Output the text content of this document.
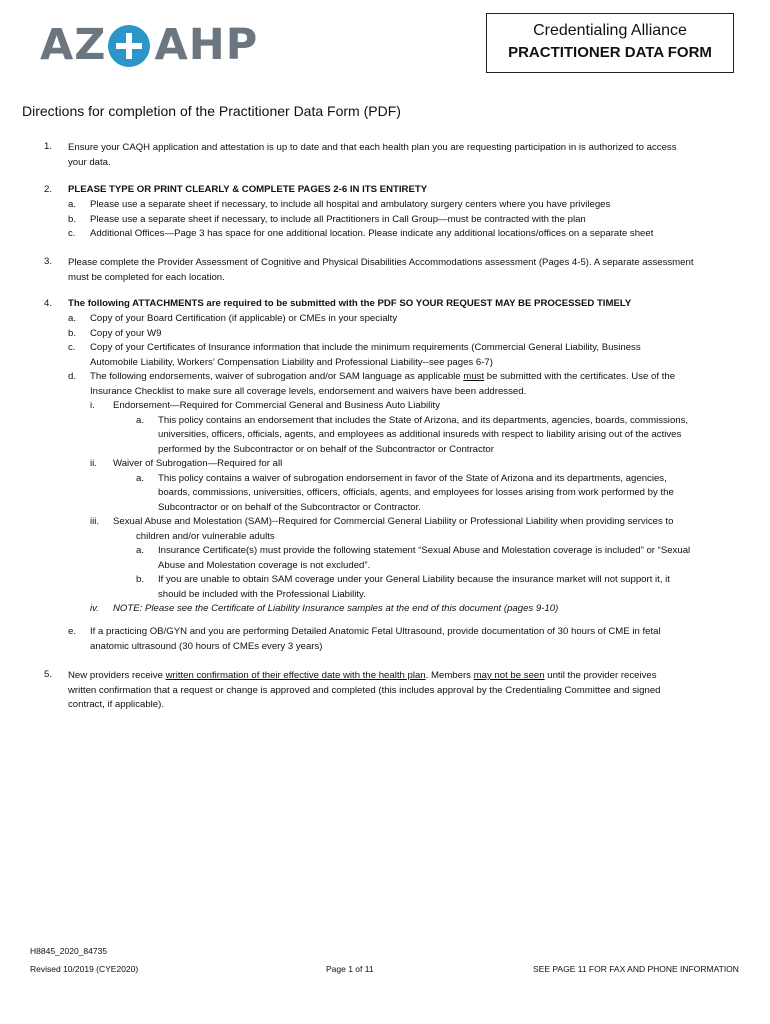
AZ AHP	Credentialing Alliance
PRACTITIONER DATA FORM
Directions for completion of the Practitioner Data Form (PDF)
1. Ensure your CAQH application and attestation is up to date and that each health plan you are requesting participation in is authorized to access
your data.
2. PLEASE TYPE OR PRINT CLEARLY & COMPLETE PAGES 2-6 IN ITS ENTIRETY
a. Please use a separate sheet if necessary, to include all hospital and ambulatory surgery centers where you have privileges
b. Please use a separate sheet if necessary, to include all Practitioners in Call Group—must be contracted with the plan
c. Additional Offices—Page 3 has space for one additional location. Please indicate any additional locations/offices on a separate sheet
3. Please complete the Provider Assessment of Cognitive and Physical Disabilities Accommodations assessment (Pages 4-5). A separate assessment
must be completed for each location.
4. The following ATTACHMENTS are required to be submitted with the PDF SO YOUR REQUEST MAY BE PROCESSED TIMELY
a. Copy of your Board Certification (if applicable) or CMEs in your specialty
b. Copy of your W9
c. Copy of your Certificates of Insurance information that include the minimum requirements (Commercial General Liability, Business
Automobile Liability, Workers’ Compensation Liability and Professional Liability--see pages 6-7)
d. The following endorsements, waiver of subrogation and/or SAM language as applicable must be submitted with the certificates. Use of the
Insurance Checklist to make sure all coverage levels, endorsement and waivers have been addressed.
i. Endorsement—Required for Commercial General and Business Auto Liability
a. This policy contains an endorsement that includes the State of Arizona, and its departments, agencies, boards, commissions,
universities, officers, officials, agents, and employees as additional insureds with respect to liability arising out of the actives
performed by the Subcontractor or on behalf of the Subcontractor or Contractor
ii. Waiver of Subrogation—Required for all
a. This policy contains a waiver of subrogation endorsement in favor of the State of Arizona and its departments, agencies,
boards, commissions, universities, officers, officials, agents, and employees for losses arising from work performed by the
Subcontractor or on behalf of the Subcontractor or Contractor.
iii. Sexual Abuse and Molestation (SAM)--Required for Commercial General Liability or Professional Liability when providing services to
children and/or vulnerable adults
a. Insurance Certificate(s) must provide the following statement “Sexual Abuse and Molestation coverage is included” or “Sexual
Abuse and Molestation coverage is not excluded”.
b. If you are unable to obtain SAM coverage under your General Liability because the insurance market will not support it, it
should be included with the Professional Liability.
iv. NOTE: Please see the Certificate of Liability Insurance samples at the end of this document (pages 9-10)
e. If a practicing OB/GYN and you are performing Detailed Anatomic Fetal Ultrasound, provide documentation of 30 hours of CME in fetal
anatomic ultrasound (30 hours of CMEs every 3 years)
5. New providers receive written confirmation of their effective date with the health plan. Members may not be seen until the provider receives
written confirmation that a request or change is approved and completed (this includes approval by the Credentialing Committee and signed
contract, if applicable).
H8845_2020_84735
Revised 10/2019 (CYE2020)	Page 1 of 11	SEE PAGE 11 FOR FAX AND PHONE INFORMATION
